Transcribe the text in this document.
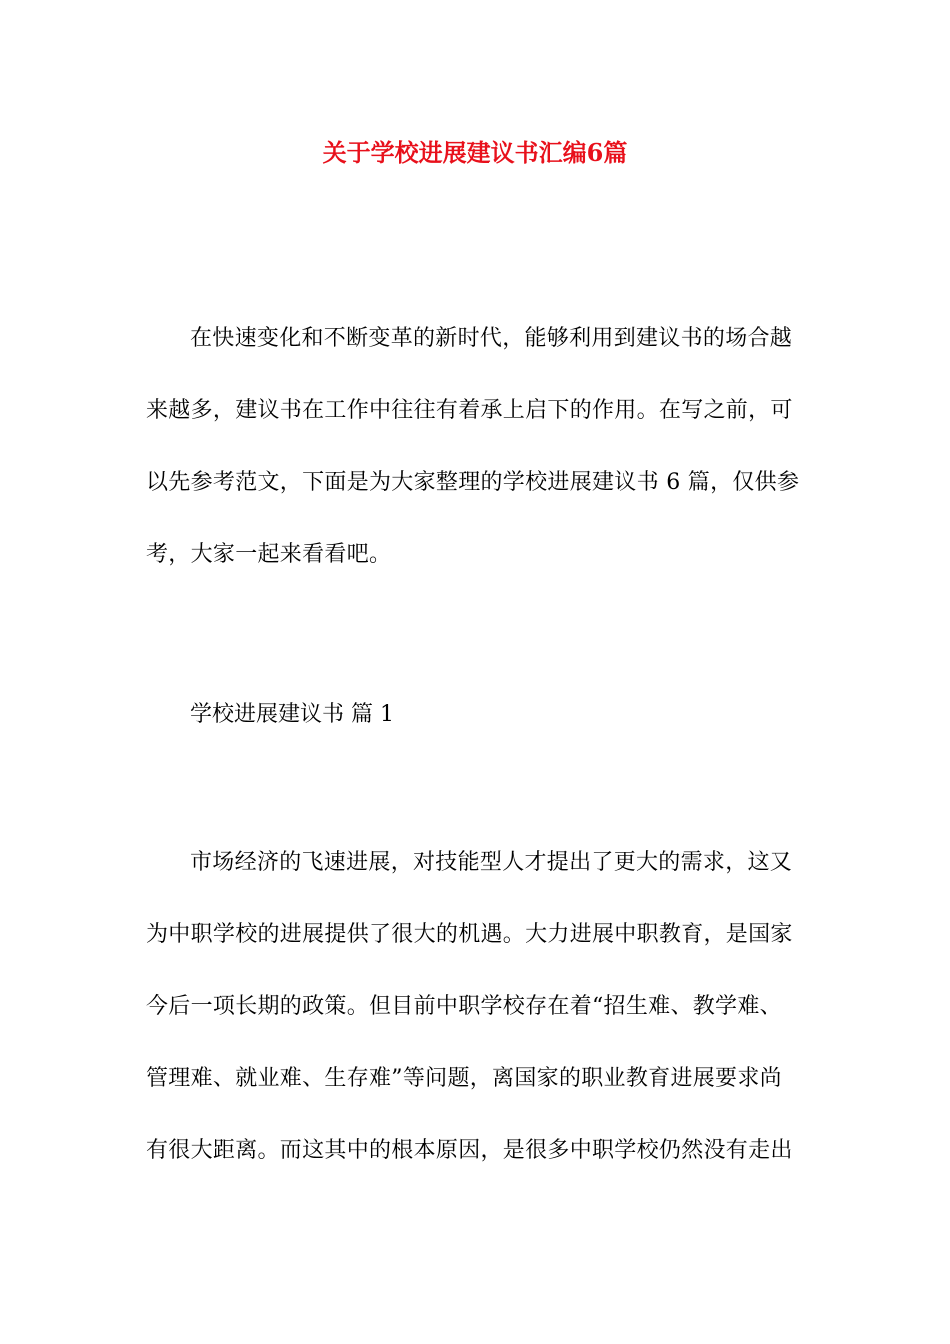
关于学校进展建议书汇编6篇

在快速变化和不断变革的新时代，能够利用到建议书的场合越
来越多，建议书在工作中往往有着承上启下的作用。在写之前，可
以先参考范文，下面是为大家整理的学校进展建议书 6 篇，仅供参
考，大家一起来看看吧。

学校进展建议书 篇 1

市场经济的飞速进展，对技能型人才提出了更大的需求，这又
为中职学校的进展提供了很大的机遇。大力进展中职教育，是国家
今后一项长期的政策。但目前中职学校存在着“招生难、教学难、
管理难、就业难、生存难”等问题，离国家的职业教育进展要求尚
有很大距离。而这其中的根本原因，是很多中职学校仍然没有走出
